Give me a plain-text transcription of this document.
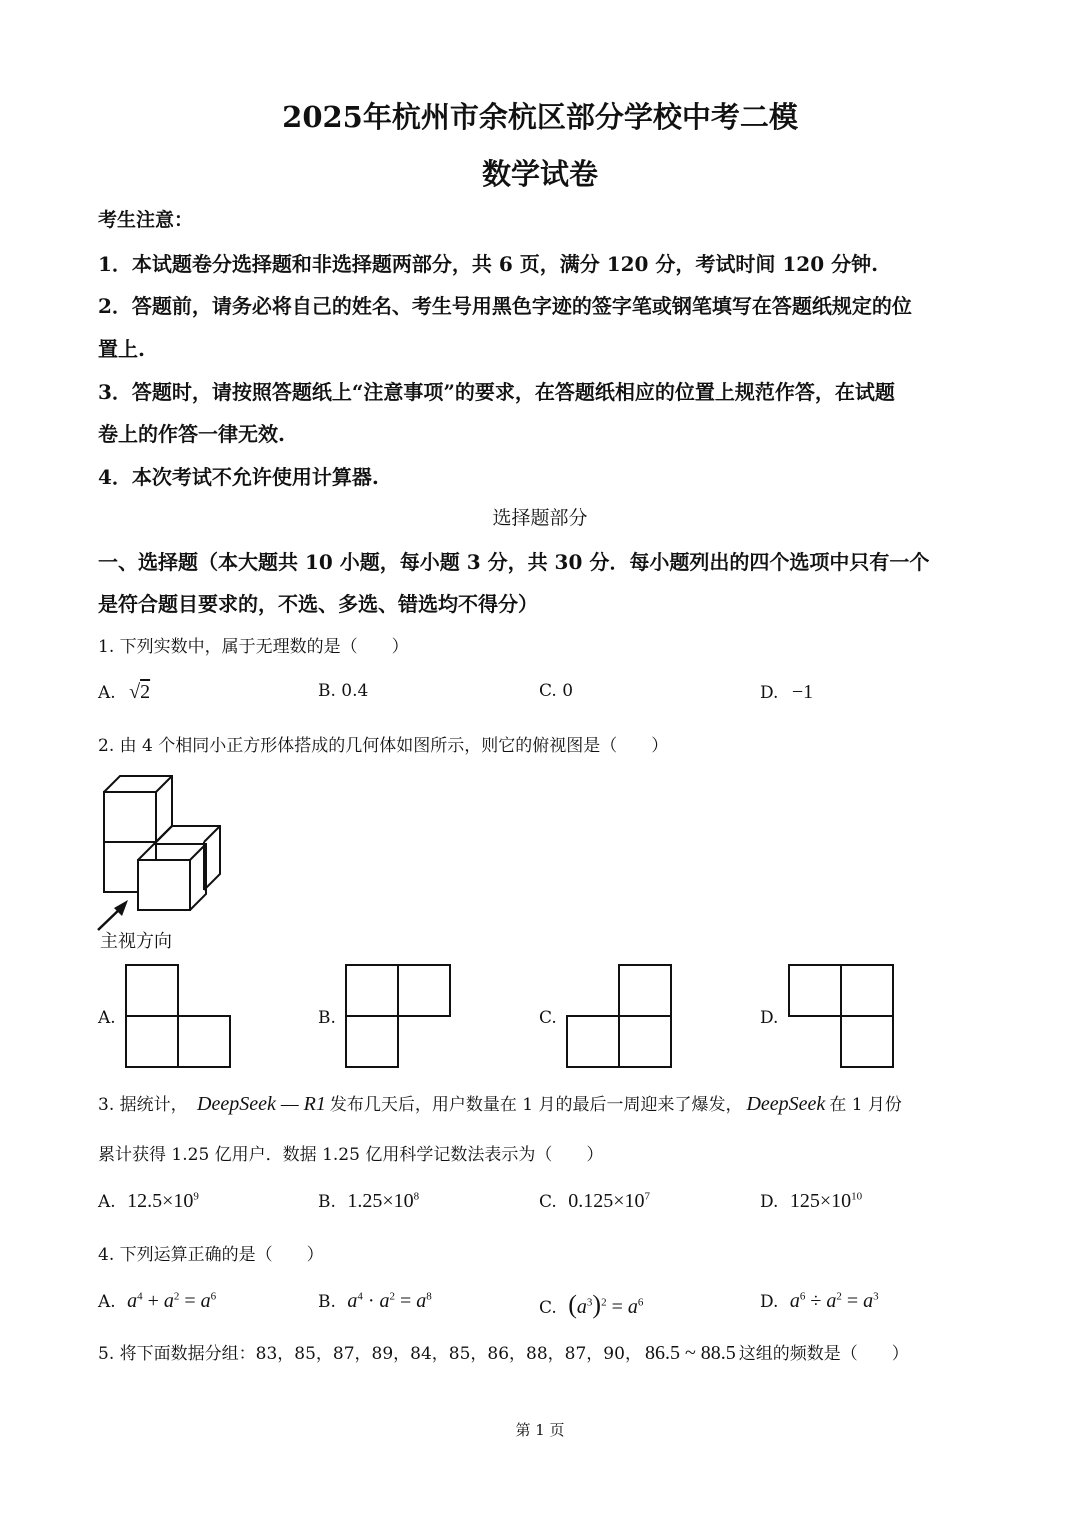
2025年杭州市余杭区部分学校中考二模
数学试卷
考生注意：
1．本试题卷分选择题和非选择题两部分，共 6 页，满分 120 分，考试时间 120 分钟.
2．答题前，请务必将自己的姓名、考生号用黑色字迹的签字笔或钢笔填写在答题纸规定的位
置上.
3．答题时，请按照答题纸上“注意事项”的要求，在答题纸相应的位置上规范作答，在试题
卷上的作答一律无效.
4．本次考试不允许使用计算器.
选择题部分
一、选择题（本大题共 10 小题，每小题 3 分，共 30 分．每小题列出的四个选项中只有一个
是符合题目要求的，不选、多选、错选均不得分）
1. 下列实数中，属于无理数的是（　　）
A. √2	B. 0.4	C. 0	D. −1
2. 由 4 个相同小正方形体搭成的几何体如图所示，则它的俯视图是（　　）
主视方向
A.	B.	C.	D.
3. 据统计， DeepSeek — R1 发布几天后，用户数量在 1 月的最后一周迎来了爆发， DeepSeek 在 1 月份
累计获得 1.25 亿用户．数据 1.25 亿用科学记数法表示为（　　）
A. $12.5\times 10^9$	B. $1.25\times 10^8$	C. $0.125\times 10^7$	D. $125\times 10^{10}$
4. 下列运算正确的是（　　）
A. $a^4 + a^2 = a^6$	B. $a^4 \cdot a^2 = a^8$
C. $(a^3)^2 = a^6$	D. $a^6 \div a^2 = a^3$
5. 将下面数据分组：83，85，87，89，84，85，86，88，87，90， 86.5 ~ 88.5 这组的频数是（　　）
第 1 页
